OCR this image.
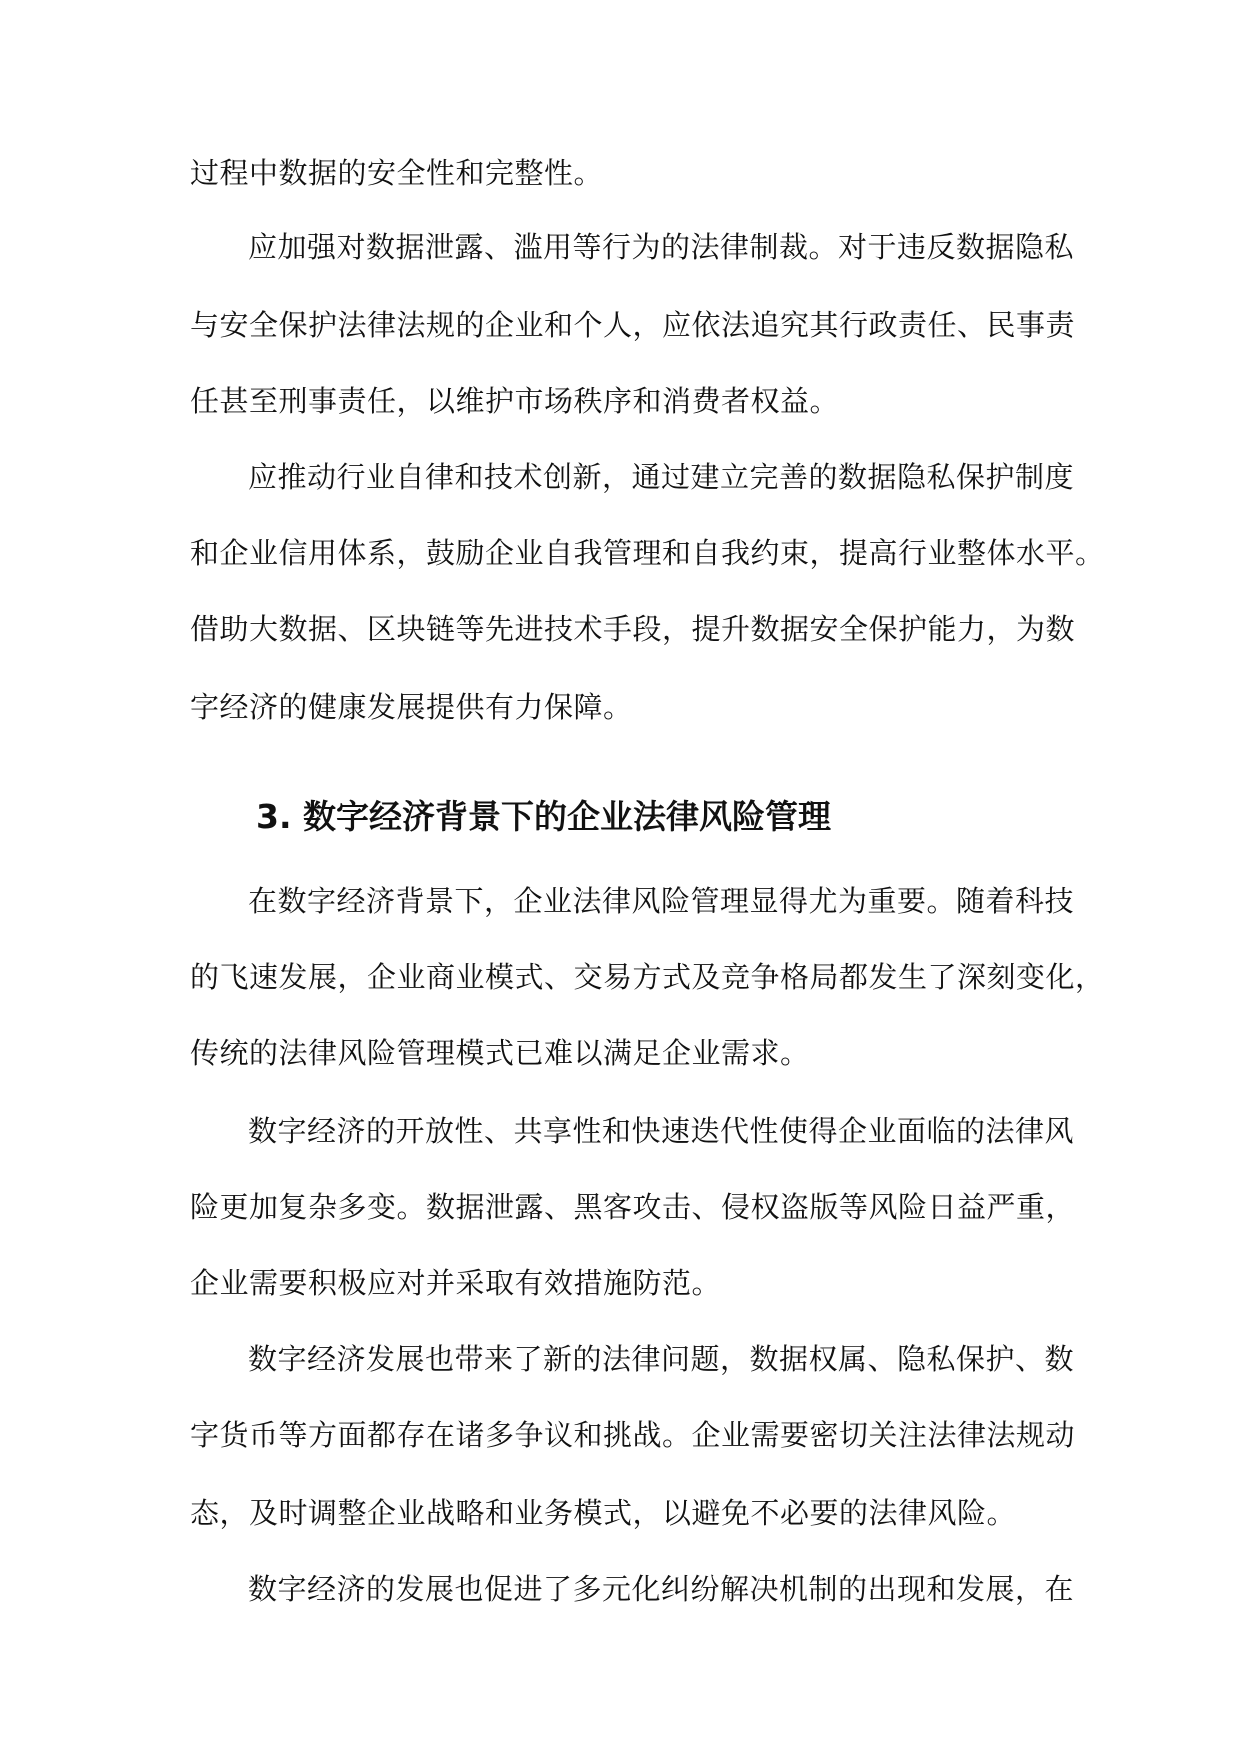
过程中数据的安全性和完整性。
应加强对数据泄露、滥用等行为的法律制裁。对于违反数据隐私
与安全保护法律法规的企业和个人，应依法追究其行政责任、民事责
任甚至刑事责任，以维护市场秩序和消费者权益。
应推动行业自律和技术创新，通过建立完善的数据隐私保护制度
和企业信用体系，鼓励企业自我管理和自我约束，提高行业整体水平。
借助大数据、区块链等先进技术手段，提升数据安全保护能力，为数
字经济的健康发展提供有力保障。
3. 数字经济背景下的企业法律风险管理
在数字经济背景下，企业法律风险管理显得尤为重要。随着科技
的飞速发展，企业商业模式、交易方式及竞争格局都发生了深刻变化，
传统的法律风险管理模式已难以满足企业需求。
数字经济的开放性、共享性和快速迭代性使得企业面临的法律风
险更加复杂多变。数据泄露、黑客攻击、侵权盗版等风险日益严重，
企业需要积极应对并采取有效措施防范。
数字经济发展也带来了新的法律问题，数据权属、隐私保护、数
字货币等方面都存在诸多争议和挑战。企业需要密切关注法律法规动
态，及时调整企业战略和业务模式，以避免不必要的法律风险。
数字经济的发展也促进了多元化纠纷解决机制的出现和发展，在
